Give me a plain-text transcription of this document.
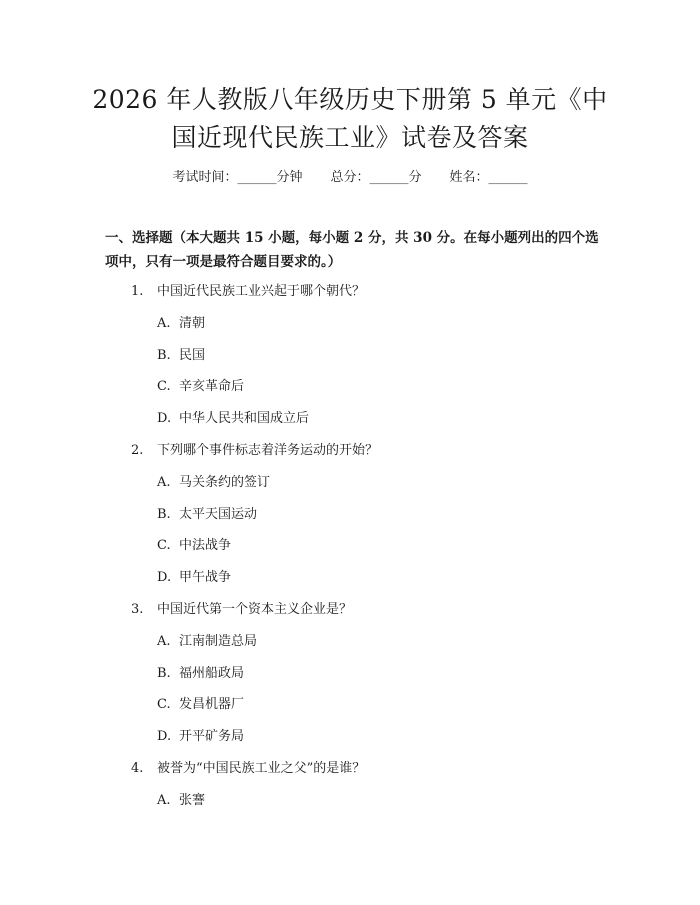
2026 年人教版八年级历史下册第 5 单元《中
国近现代民族工业》试卷及答案
考试时间：______分钟 总分：______分 姓名：______
一、选择题（本大题共 15 小题，每小题 2 分，共 30 分。在每小题列出的四个选
项中，只有一项是最符合题目要求的。）
1. 中国近代民族工业兴起于哪个朝代？
A. 清朝
B. 民国
C. 辛亥革命后
D. 中华人民共和国成立后
2. 下列哪个事件标志着洋务运动的开始？
A. 马关条约的签订
B. 太平天国运动
C. 中法战争
D. 甲午战争
3. 中国近代第一个资本主义企业是？
A. 江南制造总局
B. 福州船政局
C. 发昌机器厂
D. 开平矿务局
4. 被誉为“中国民族工业之父”的是谁？
A. 张謇
